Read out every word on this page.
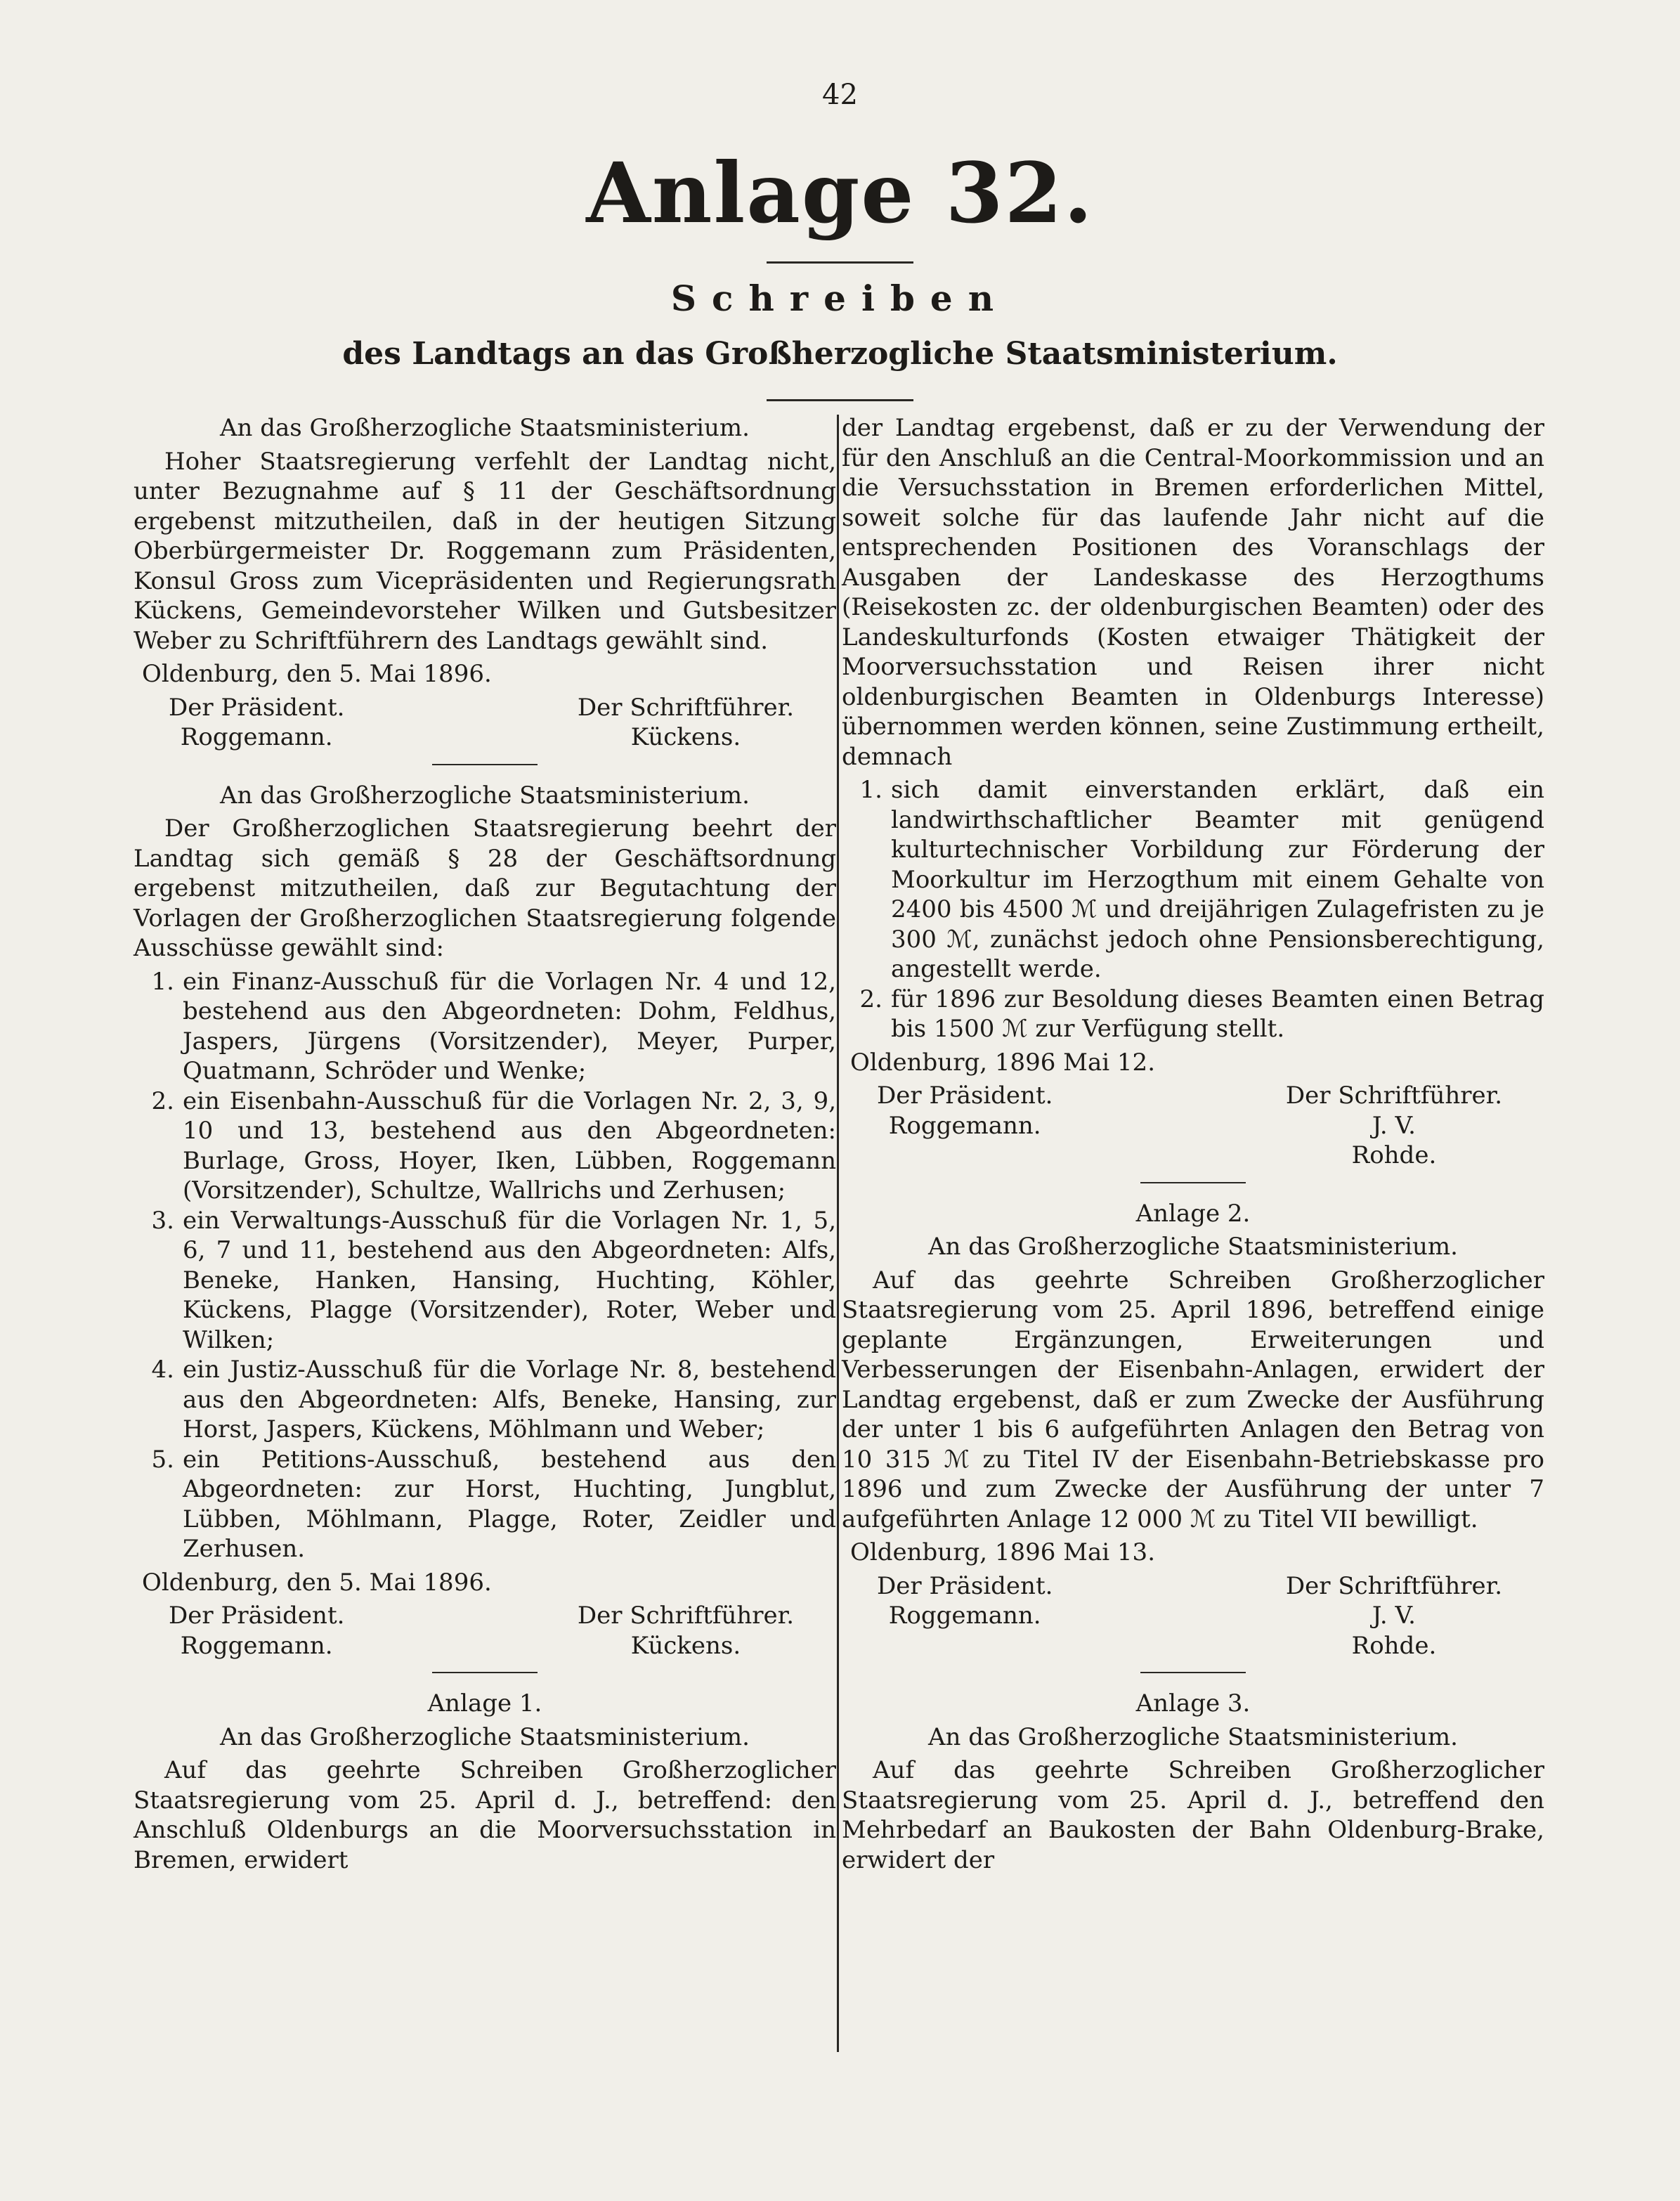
42
Anlage 32.
Schreiben
des Landtags an das Großherzogliche Staatsministerium.

An das Großherzogliche Staatsministerium.

Hoher Staatsregierung verfehlt der Landtag nicht, unter Bezugnahme auf § 11 der Geschäftsordnung ergebenst mitzutheilen, daß in der heutigen Sitzung Oberbürgermeister Dr. Roggemann zum Präsidenten, Konsul Gross zum Vicepräsidenten und Regierungsrath Kückens, Gemeindevorsteher Wilken und Gutsbesitzer Weber zu Schriftführern des Landtags gewählt sind.

Oldenburg, den 5. Mai 1896.

Der Präsident.
Roggemann.
Der Schriftführer.
Kückens.

An das Großherzogliche Staatsministerium.

Der Großherzoglichen Staatsregierung beehrt der Landtag sich gemäß § 28 der Geschäftsordnung ergebenst mitzutheilen, daß zur Begutachtung der Vorlagen der Großherzoglichen Staatsregierung folgende Ausschüsse gewählt sind:

1. ein Finanz-Ausschuß für die Vorlagen Nr. 4 und 12, bestehend aus den Abgeordneten: Dohm, Feldhus, Jaspers, Jürgens (Vorsitzender), Meyer, Purper, Quatmann, Schröder und Wenke;
2. ein Eisenbahn-Ausschuß für die Vorlagen Nr. 2, 3, 9, 10 und 13, bestehend aus den Abgeordneten: Burlage, Gross, Hoyer, Iken, Lübben, Roggemann (Vorsitzender), Schultze, Wallrichs und Zerhusen;
3. ein Verwaltungs-Ausschuß für die Vorlagen Nr. 1, 5, 6, 7 und 11, bestehend aus den Abgeordneten: Alfs, Beneke, Hanken, Hansing, Huchting, Köhler, Kückens, Plagge (Vorsitzender), Roter, Weber und Wilken;
4. ein Justiz-Ausschuß für die Vorlage Nr. 8, bestehend aus den Abgeordneten: Alfs, Beneke, Hansing, zur Horst, Jaspers, Kückens, Möhlmann und Weber;
5. ein Petitions-Ausschuß, bestehend aus den Abgeordneten: zur Horst, Huchting, Jungblut, Lübben, Möhlmann, Plagge, Roter, Zeidler und Zerhusen.

Oldenburg, den 5. Mai 1896.

Der Präsident.
Roggemann.
Der Schriftführer.
Kückens.

Anlage 1.

An das Großherzogliche Staatsministerium.

Auf das geehrte Schreiben Großherzoglicher Staatsregierung vom 25. April d. J., betreffend: den Anschluß Oldenburgs an die Moorversuchsstation in Bremen, erwidert

der Landtag ergebenst, daß er zu der Verwendung der für den Anschluß an die Central-Moorkommission und an die Versuchsstation in Bremen erforderlichen Mittel, soweit solche für das laufende Jahr nicht auf die entsprechenden Positionen des Voranschlags der Ausgaben der Landeskasse des Herzogthums (Reisekosten zc. der oldenburgischen Beamten) oder des Landeskulturfonds (Kosten etwaiger Thätigkeit der Moorversuchsstation und Reisen ihrer nicht oldenburgischen Beamten in Oldenburgs Interesse) übernommen werden können, seine Zustimmung ertheilt, demnach

1. sich damit einverstanden erklärt, daß ein landwirthschaftlicher Beamter mit genügend kulturtechnischer Vorbildung zur Förderung der Moorkultur im Herzogthum mit einem Gehalte von 2400 bis 4500 ℳ und dreijährigen Zulagefristen zu je 300 ℳ, zunächst jedoch ohne Pensionsberechtigung, angestellt werde.
2. für 1896 zur Besoldung dieses Beamten einen Betrag bis 1500 ℳ zur Verfügung stellt.

Oldenburg, 1896 Mai 12.

Der Präsident.
Roggemann.
Der Schriftführer.
J. V.
Rohde.

Anlage 2.

An das Großherzogliche Staatsministerium.

Auf das geehrte Schreiben Großherzoglicher Staatsregierung vom 25. April 1896, betreffend einige geplante Ergänzungen, Erweiterungen und Verbesserungen der Eisenbahn-Anlagen, erwidert der Landtag ergebenst, daß er zum Zwecke der Ausführung der unter 1 bis 6 aufgeführten Anlagen den Betrag von 10 315 ℳ zu Titel IV der Eisenbahn-Betriebskasse pro 1896 und zum Zwecke der Ausführung der unter 7 aufgeführten Anlage 12 000 ℳ zu Titel VII bewilligt.

Oldenburg, 1896 Mai 13.

Der Präsident.
Roggemann.
Der Schriftführer.
J. V.
Rohde.

Anlage 3.

An das Großherzogliche Staatsministerium.

Auf das geehrte Schreiben Großherzoglicher Staatsregierung vom 25. April d. J., betreffend den Mehrbedarf an Baukosten der Bahn Oldenburg-Brake, erwidert der
